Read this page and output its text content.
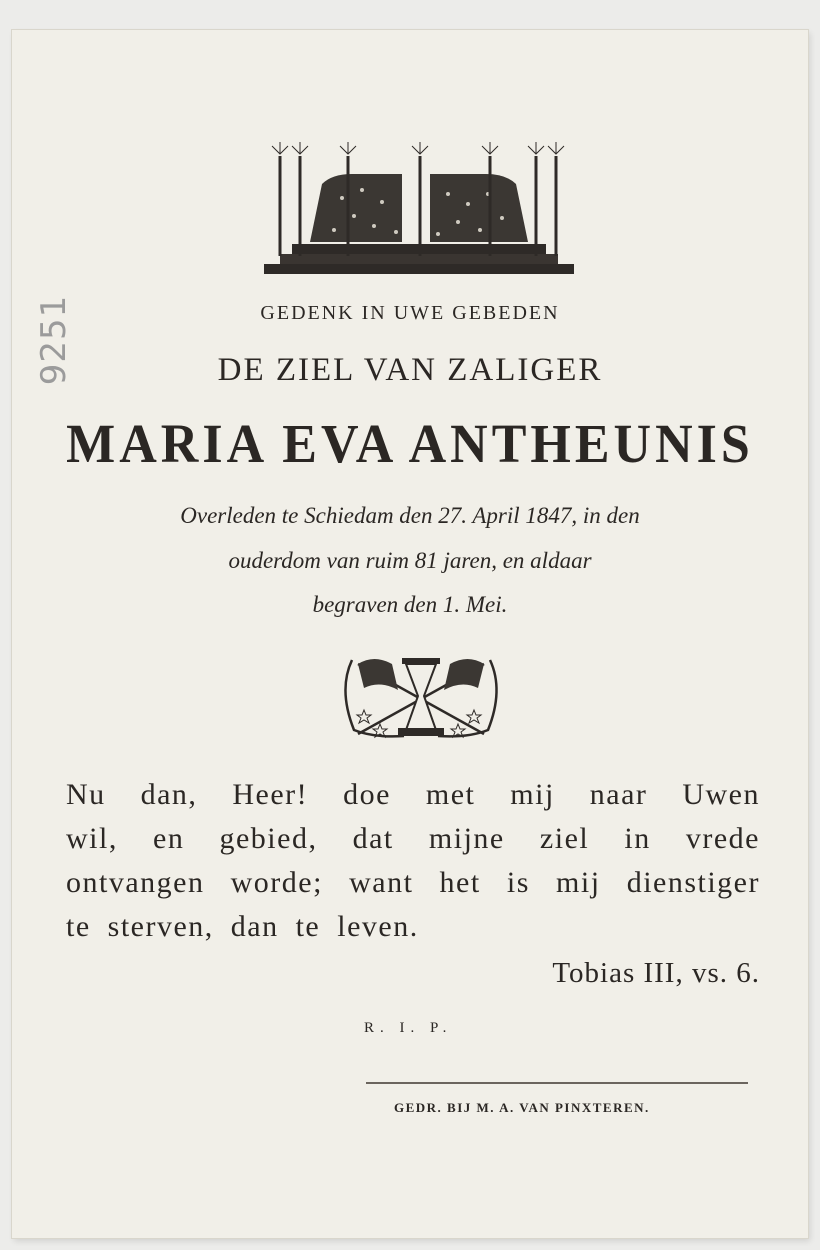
9251	GEDENK IN UWE GEBEDEN
DE ZIEL VAN ZALIGER
MARIA EVA ANTHEUNIS
Overleden te Schiedam den 27. April 1847, in den
ouderdom van ruim 81 jaren, en aldaar
begraven den 1. Mei.
Nu dan, Heer! doe met mij naar Uwen
wil, en gebied, dat mijne ziel in vrede
ontvangen worde; want het is mij dienstiger
te sterven, dan te leven.
Tobias III, vs. 6.
R. I. P.
GEDR. BIJ M. A. VAN PINXTEREN.
